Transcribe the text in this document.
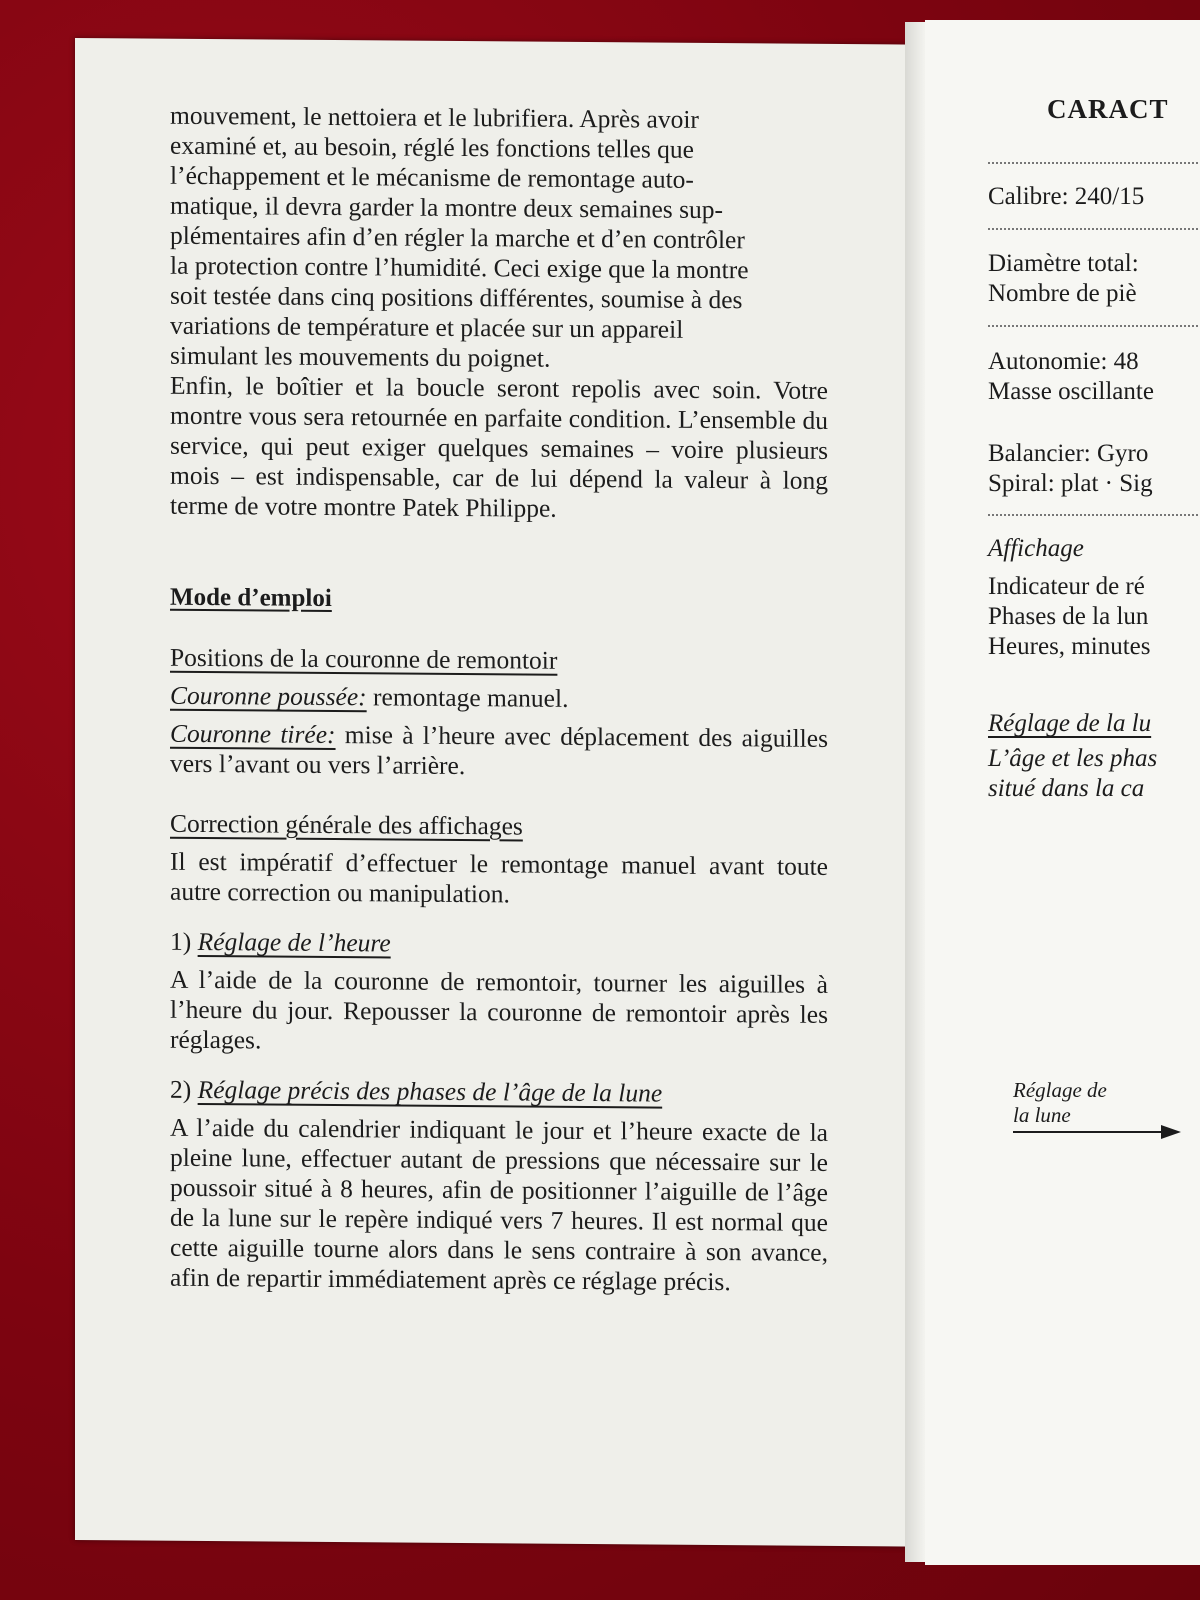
mouvement, le nettoiera et le lubrifiera. Après avoir
examiné et, au besoin, réglé les fonctions telles que
l’échappement et le mécanisme de remontage auto-
matique, il devra garder la montre deux semaines sup-
plémentaires afin d’en régler la marche et d’en contrôler
la protection contre l’humidité. Ceci exige que la montre
soit testée dans cinq positions différentes, soumise à des
variations de température et placée sur un appareil
simulant les mouvements du poignet.

Enfin, le boîtier et la boucle seront repolis avec soin. Votre montre vous sera retournée en parfaite condition. L’ensemble du service, qui peut exiger quelques semaines – voire plusieurs mois – est indispensable, car de lui dépend la valeur à long terme de votre montre Patek Philippe.

Mode d’emploi
Positions de la couronne de remontoir

Couronne poussée: remontage manuel.

Couronne tirée: mise à l’heure avec déplacement des aiguilles vers l’avant ou vers l’arrière.

Correction générale des affichages

Il est impératif d’effectuer le remontage manuel avant toute autre correction ou manipulation.

1) Réglage de l’heure

A l’aide de la couronne de remontoir, tourner les aiguilles à l’heure du jour. Repousser la couronne de remontoir après les réglages.

2) Réglage précis des phases de l’âge de la lune

A l’aide du calendrier indiquant le jour et l’heure exacte de la pleine lune, effectuer autant de pressions que nécessaire sur le poussoir situé à 8 heures, afin de positionner l’aiguille de l’âge de la lune sur le repère indiqué vers 7 heures. Il est normal que cette aiguille tourne alors dans le sens contraire à son avance, afin de repartir immédiatement après ce réglage précis.

CARACT
Calibre: 240/15
Diamètre total:
Nombre de piè
Autonomie: 48
Masse oscillante
Balancier: Gyro
Spiral: plat · Sig
Affichage
Indicateur de ré
Phases de la lun
Heures, minutes
Réglage de la lu
L’âge et les phas
situé dans la ca
Réglage de
la lune
